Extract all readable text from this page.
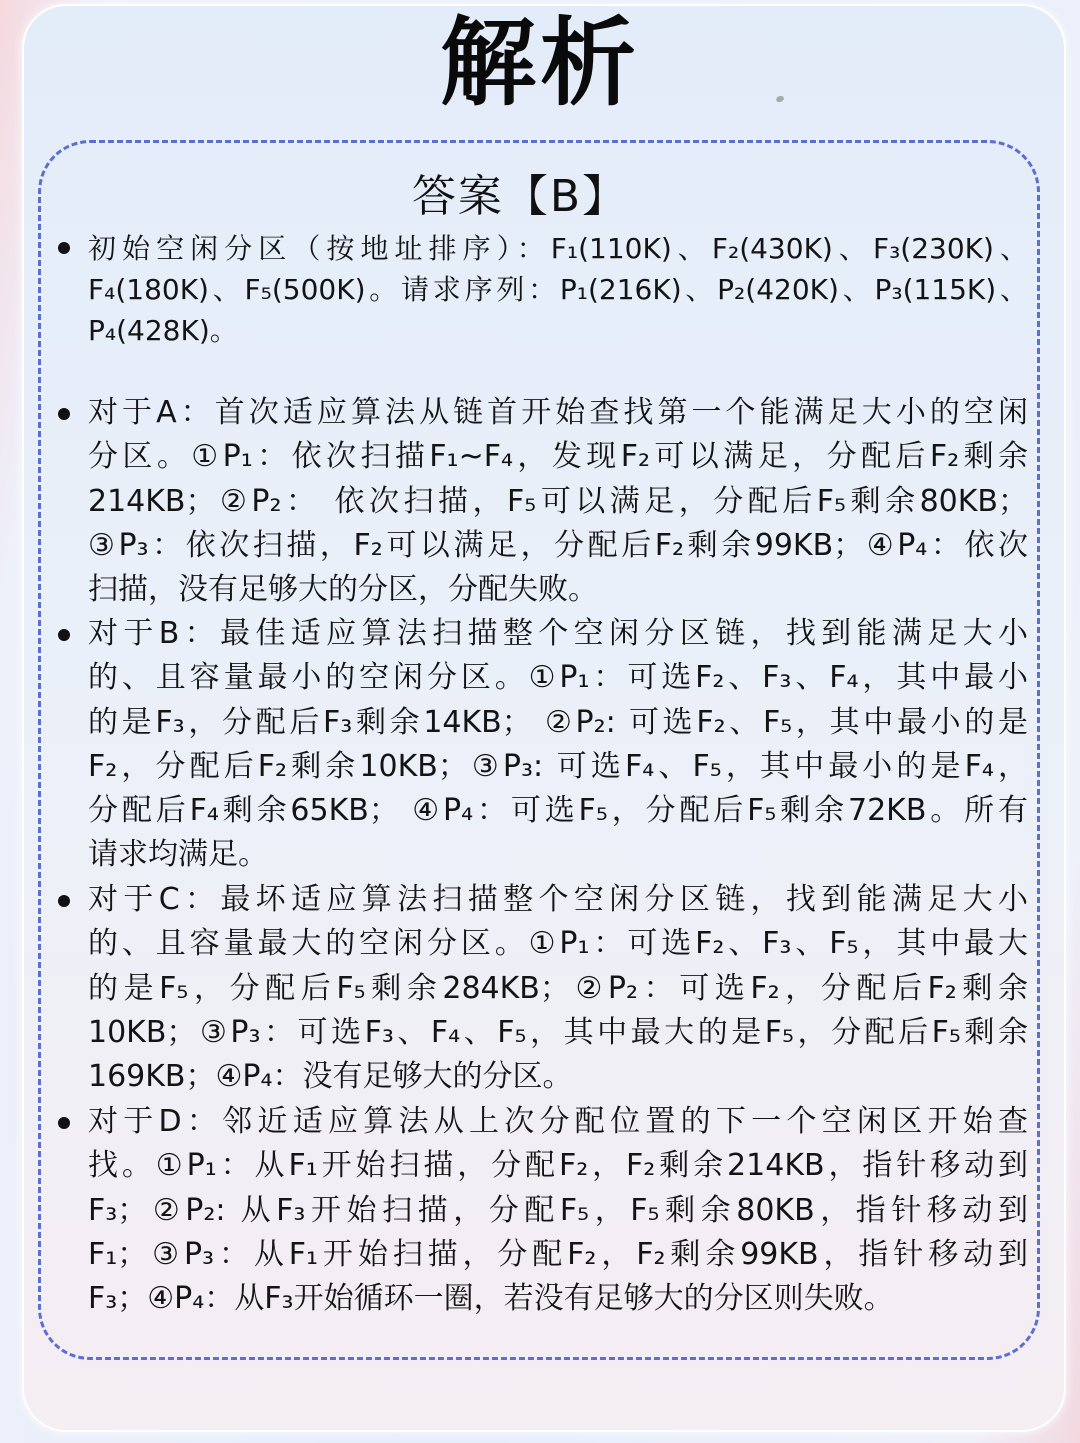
解析
答案【B】
初始空闲分区（按地址排序）：F₁(110K)、F₂(430K)、F₃(230K)、
F₄(180K)、F₅(500K)。请求序列：P₁(216K)、P₂(420K)、P₃(115K)、
P₄(428K)。
对于A：首次适应算法从链首开始查找第一个能满足大小的空闲
分区。①P₁：依次扫描F₁~F₄，发现F₂可以满足，分配后F₂剩余
214KB；②P₂： 依次扫描，F₅可以满足，分配后F₅剩余80KB；
③P₃：依次扫描，F₂可以满足，分配后F₂剩余99KB；④P₄：依次
扫描，没有足够大的分区，分配失败。
对于B：最佳适应算法扫描整个空闲分区链，找到能满足大小
的、且容量最小的空闲分区。①P₁：可选F₂、F₃、F₄，其中最小
的是F₃，分配后F₃剩余14KB； ②P₂: 可选F₂、F₅，其中最小的是
F₂，分配后F₂剩余10KB；③P₃: 可选F₄、F₅，其中最小的是F₄，
分配后F₄剩余65KB； ④P₄：可选F₅，分配后F₅剩余72KB。所有
请求均满足。
对于C：最坏适应算法扫描整个空闲分区链，找到能满足大小
的、且容量最大的空闲分区。①P₁：可选F₂、F₃、F₅，其中最大
的是F₅，分配后F₅剩余284KB；②P₂：可选F₂，分配后F₂剩余
10KB；③P₃：可选F₃、F₄、F₅，其中最大的是F₅，分配后F₅剩余
169KB；④P₄：没有足够大的分区。
对于D：邻近适应算法从上次分配位置的下一个空闲区开始查
找。①P₁：从F₁开始扫描，分配F₂，F₂剩余214KB，指针移动到
F₃；②P₂: 从F₃开始扫描，分配F₅，F₅剩余80KB，指针移动到
F₁；③P₃：从F₁开始扫描，分配F₂，F₂剩余99KB，指针移动到
F₃；④P₄：从F₃开始循环一圈，若没有足够大的分区则失败。
